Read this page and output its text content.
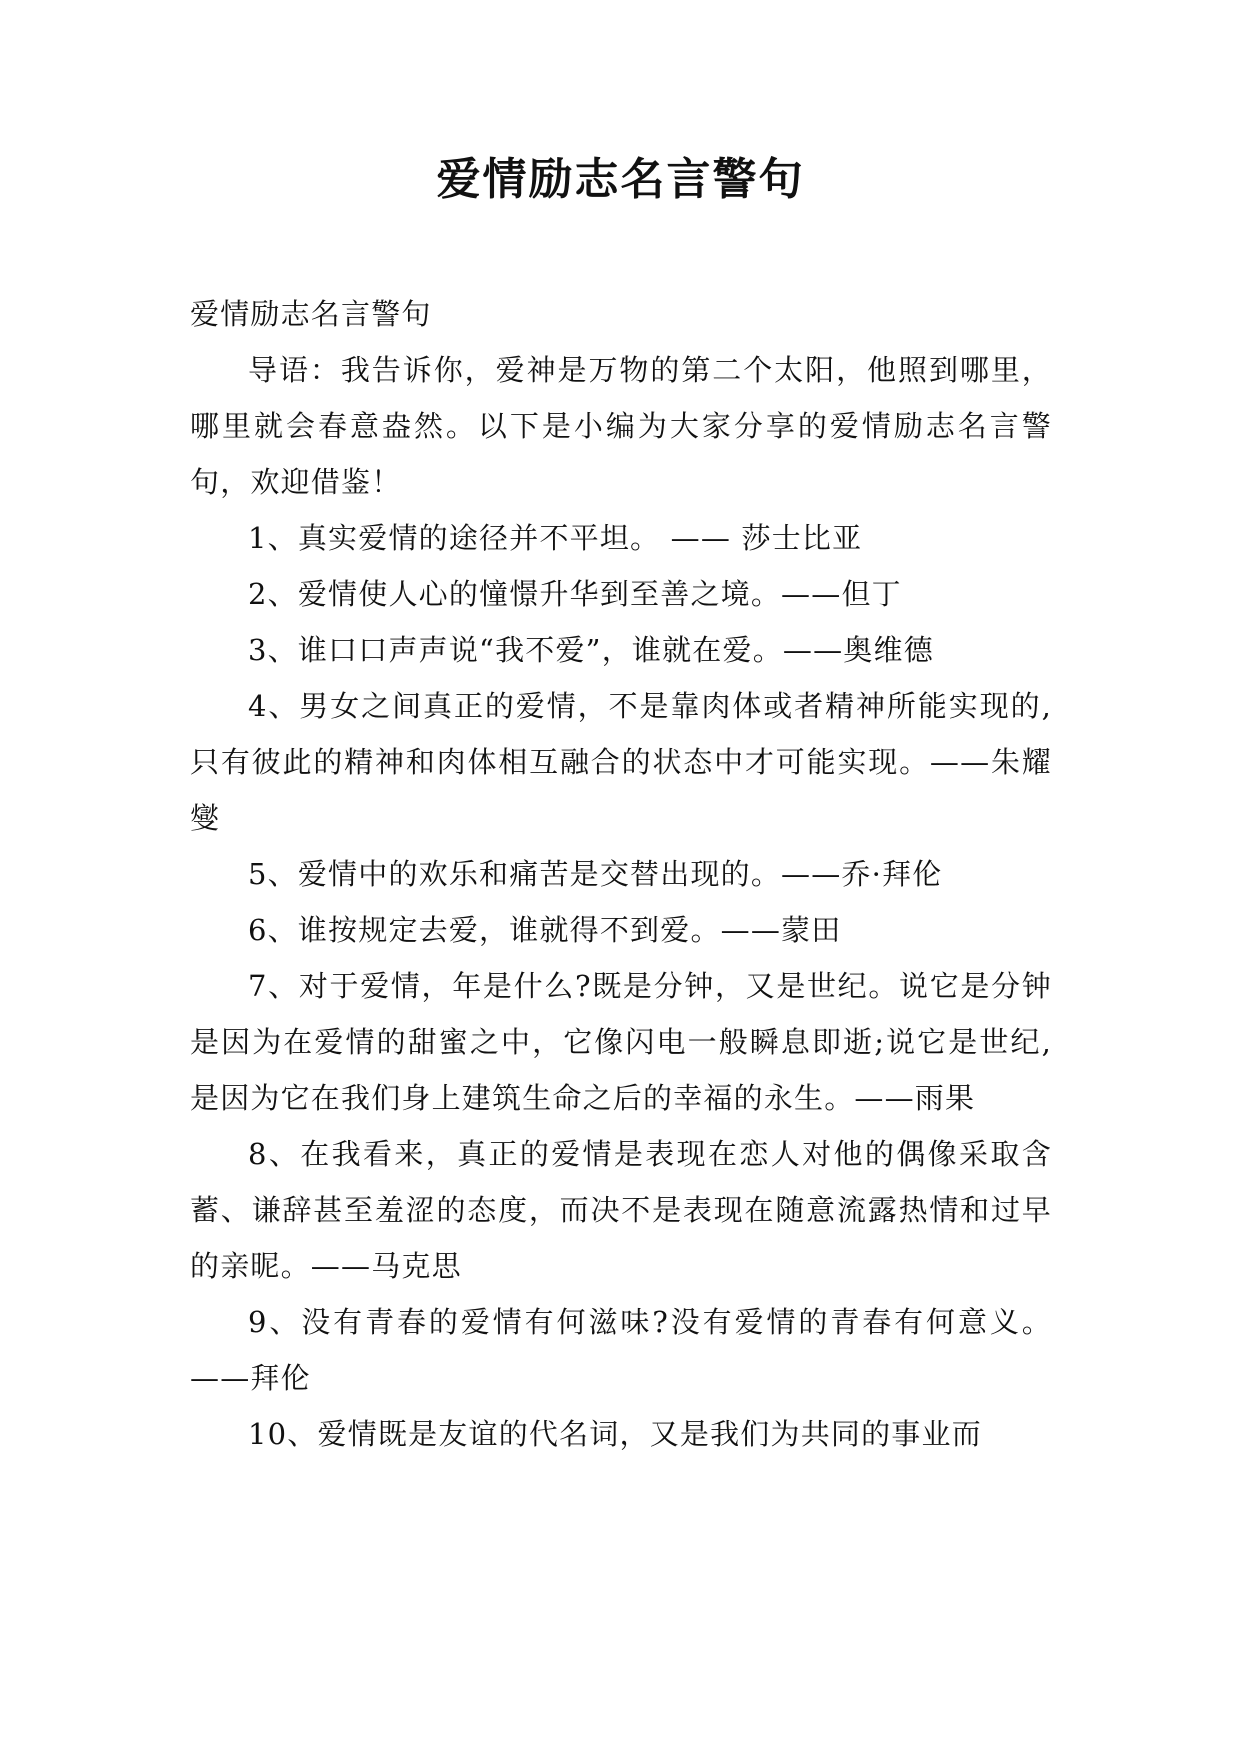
爱情励志名言警句

爱情励志名言警句

导语：我告诉你，爱神是万物的第二个太阳，他照到哪里，哪里就会春意盎然。以下是小编为大家分享的爱情励志名言警句，欢迎借鉴！

1、真实爱情的途径并不平坦。 —— 莎士比亚

2、爱情使人心的憧憬升华到至善之境。——但丁

3、谁口口声声说“我不爱”，谁就在爱。——奥维德

4、男女之间真正的爱情，不是靠肉体或者精神所能实现的,只有彼此的精神和肉体相互融合的状态中才可能实现。——朱耀燮

5、爱情中的欢乐和痛苦是交替出现的。——乔·拜伦

6、谁按规定去爱，谁就得不到爱。——蒙田

7、对于爱情，年是什么?既是分钟，又是世纪。说它是分钟是因为在爱情的甜蜜之中，它像闪电一般瞬息即逝;说它是世纪,是因为它在我们身上建筑生命之后的幸福的永生。——雨果

8、在我看来，真正的爱情是表现在恋人对他的偶像采取含蓄、谦辞甚至羞涩的态度，而决不是表现在随意流露热情和过早的亲昵。——马克思

9、没有青春的爱情有何滋味?没有爱情的青春有何意义。——拜伦

10、爱情既是友谊的代名词，又是我们为共同的事业而
